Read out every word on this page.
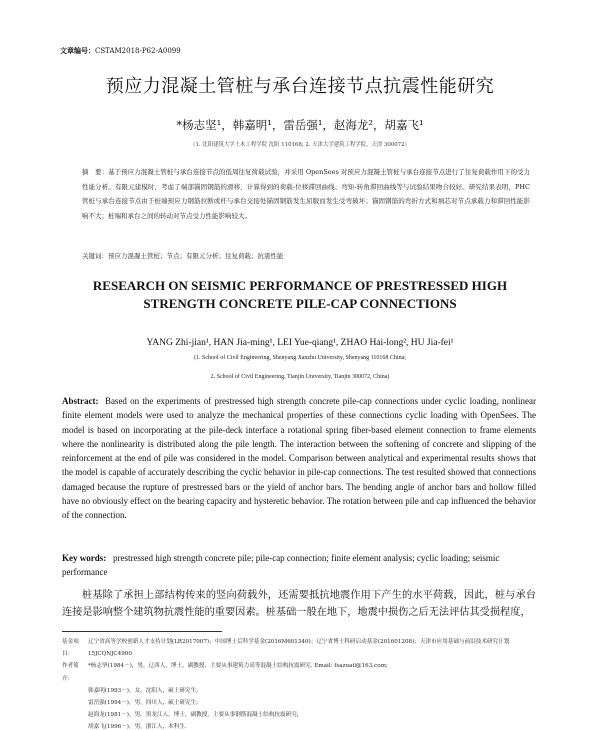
文章编号：CSTAM2018-P62-A0099
预应力混凝土管桩与承台连接节点抗震性能研究
*杨志坚¹，韩嘉明¹，雷岳强¹，赵海龙²，胡嘉飞¹
（1. 沈阳建筑大学土木工程学院 沈阳 110168; 2. 天津大学建筑工程学院，天津 300072）
摘　要：基于预应力混凝土管桩与承台连接节点的低周往复荷载试验，并采用 OpenSees 对预应力混凝土管桩与承台连接节点进行了往复荷载作用下的受力性能分析。有限元建模时，考虑了端部锚固钢筋的滑移，计算得到的荷载-位移滞回曲线、弯矩-转角滞回曲线等与试验结果吻合较好。研究结果表明，PHC 管桩与承台连接节点由于桩端预应力钢筋拉断或杆与承台交接处锚固钢筋发生屈服而发生受弯破坏；锚固钢筋的弯折方式和填芯对节点承载力和滞回性能影响不大；桩端和承台之间的转动对节点受力性能影响较大。
关键词：预应力混凝土管桩；节点；有限元分析；往复荷载；抗震性能
RESEARCH ON SEISMIC PERFORMANCE OF PRESTRESSED HIGH
STRENGTH CONCRETE PILE-CAP CONNECTIONS
YANG Zhi-jian¹, HAN Jia-ming¹, LEI Yue-qiang¹, ZHAO Hai-long², HU Jia-fei¹
(1. School of Civil Engineering, Shenyang Jianzhu University, Shenyang 110168 China;
2. School of Civil Engineering, Tianjin University, Tianjin 300072, China)
Abstract: Based on the experiments of prestressed high strength concrete pile-cap connections under cyclic loading, nonlinear finite element models were used to analyze the mechanical properties of these connections cyclic loading with OpenSees. The model is based on incorporating at the pile-deck interface a rotational spring fiber-based element connection to frame elements where the nonlinearity is distributed along the pile length. The interaction between the softening of concrete and slipping of the reinforcement at the end of pile was considered in the model. Comparison between analytical and experimental results shows that the model is capable of accurately describing the cyclic behavior in pile-cap connections. The test resulted showed that connections damaged because the rupture of prestressed bars or the yield of anchor bars. The bending angle of anchor bars and hollow filled have no obviously effect on the bearing capacity and hysteretic behavior. The rotation between pile and cap influenced the behavior of the connection.
Key words: prestressed high strength concrete pile; pile-cap connection; finite element analysis; cyclic loading; seismic performance
桩基除了承担上部结构传来的竖向荷载外，还需要抵抗地震作用下产生的水平荷载，因此，桩与承台连接是影响整个建筑物抗震性能的重要因素。桩基础一般在地下，地震中损伤之后无法评估其受损程度，
基金项目：
辽宁省高等学校创新人才支持计划(LR2017007)；中国博士后科学基金(2016M601340)；辽宁省博士科研启动基金(201601208)；天津市应用基础与前沿技术研究计划 15JCQNJC4900
作者简介：
*杨志坚(1984－)，男，辽西人，博士，副教授，主要从事建筑力高等混凝土结构抗震研究. Email: fsazuail@163.com;
韩嘉明(1993－)，女，沈阳人，硕士研究生;
雷岳强(1994－)，男，四川人，硕士研究生;
赵海龙(1981－)，男，黑龙江人，博士，副教授，主要从事钢筋混凝土结构抗震研究;
胡嘉飞(1996－)，男，浙江人，本科生.
